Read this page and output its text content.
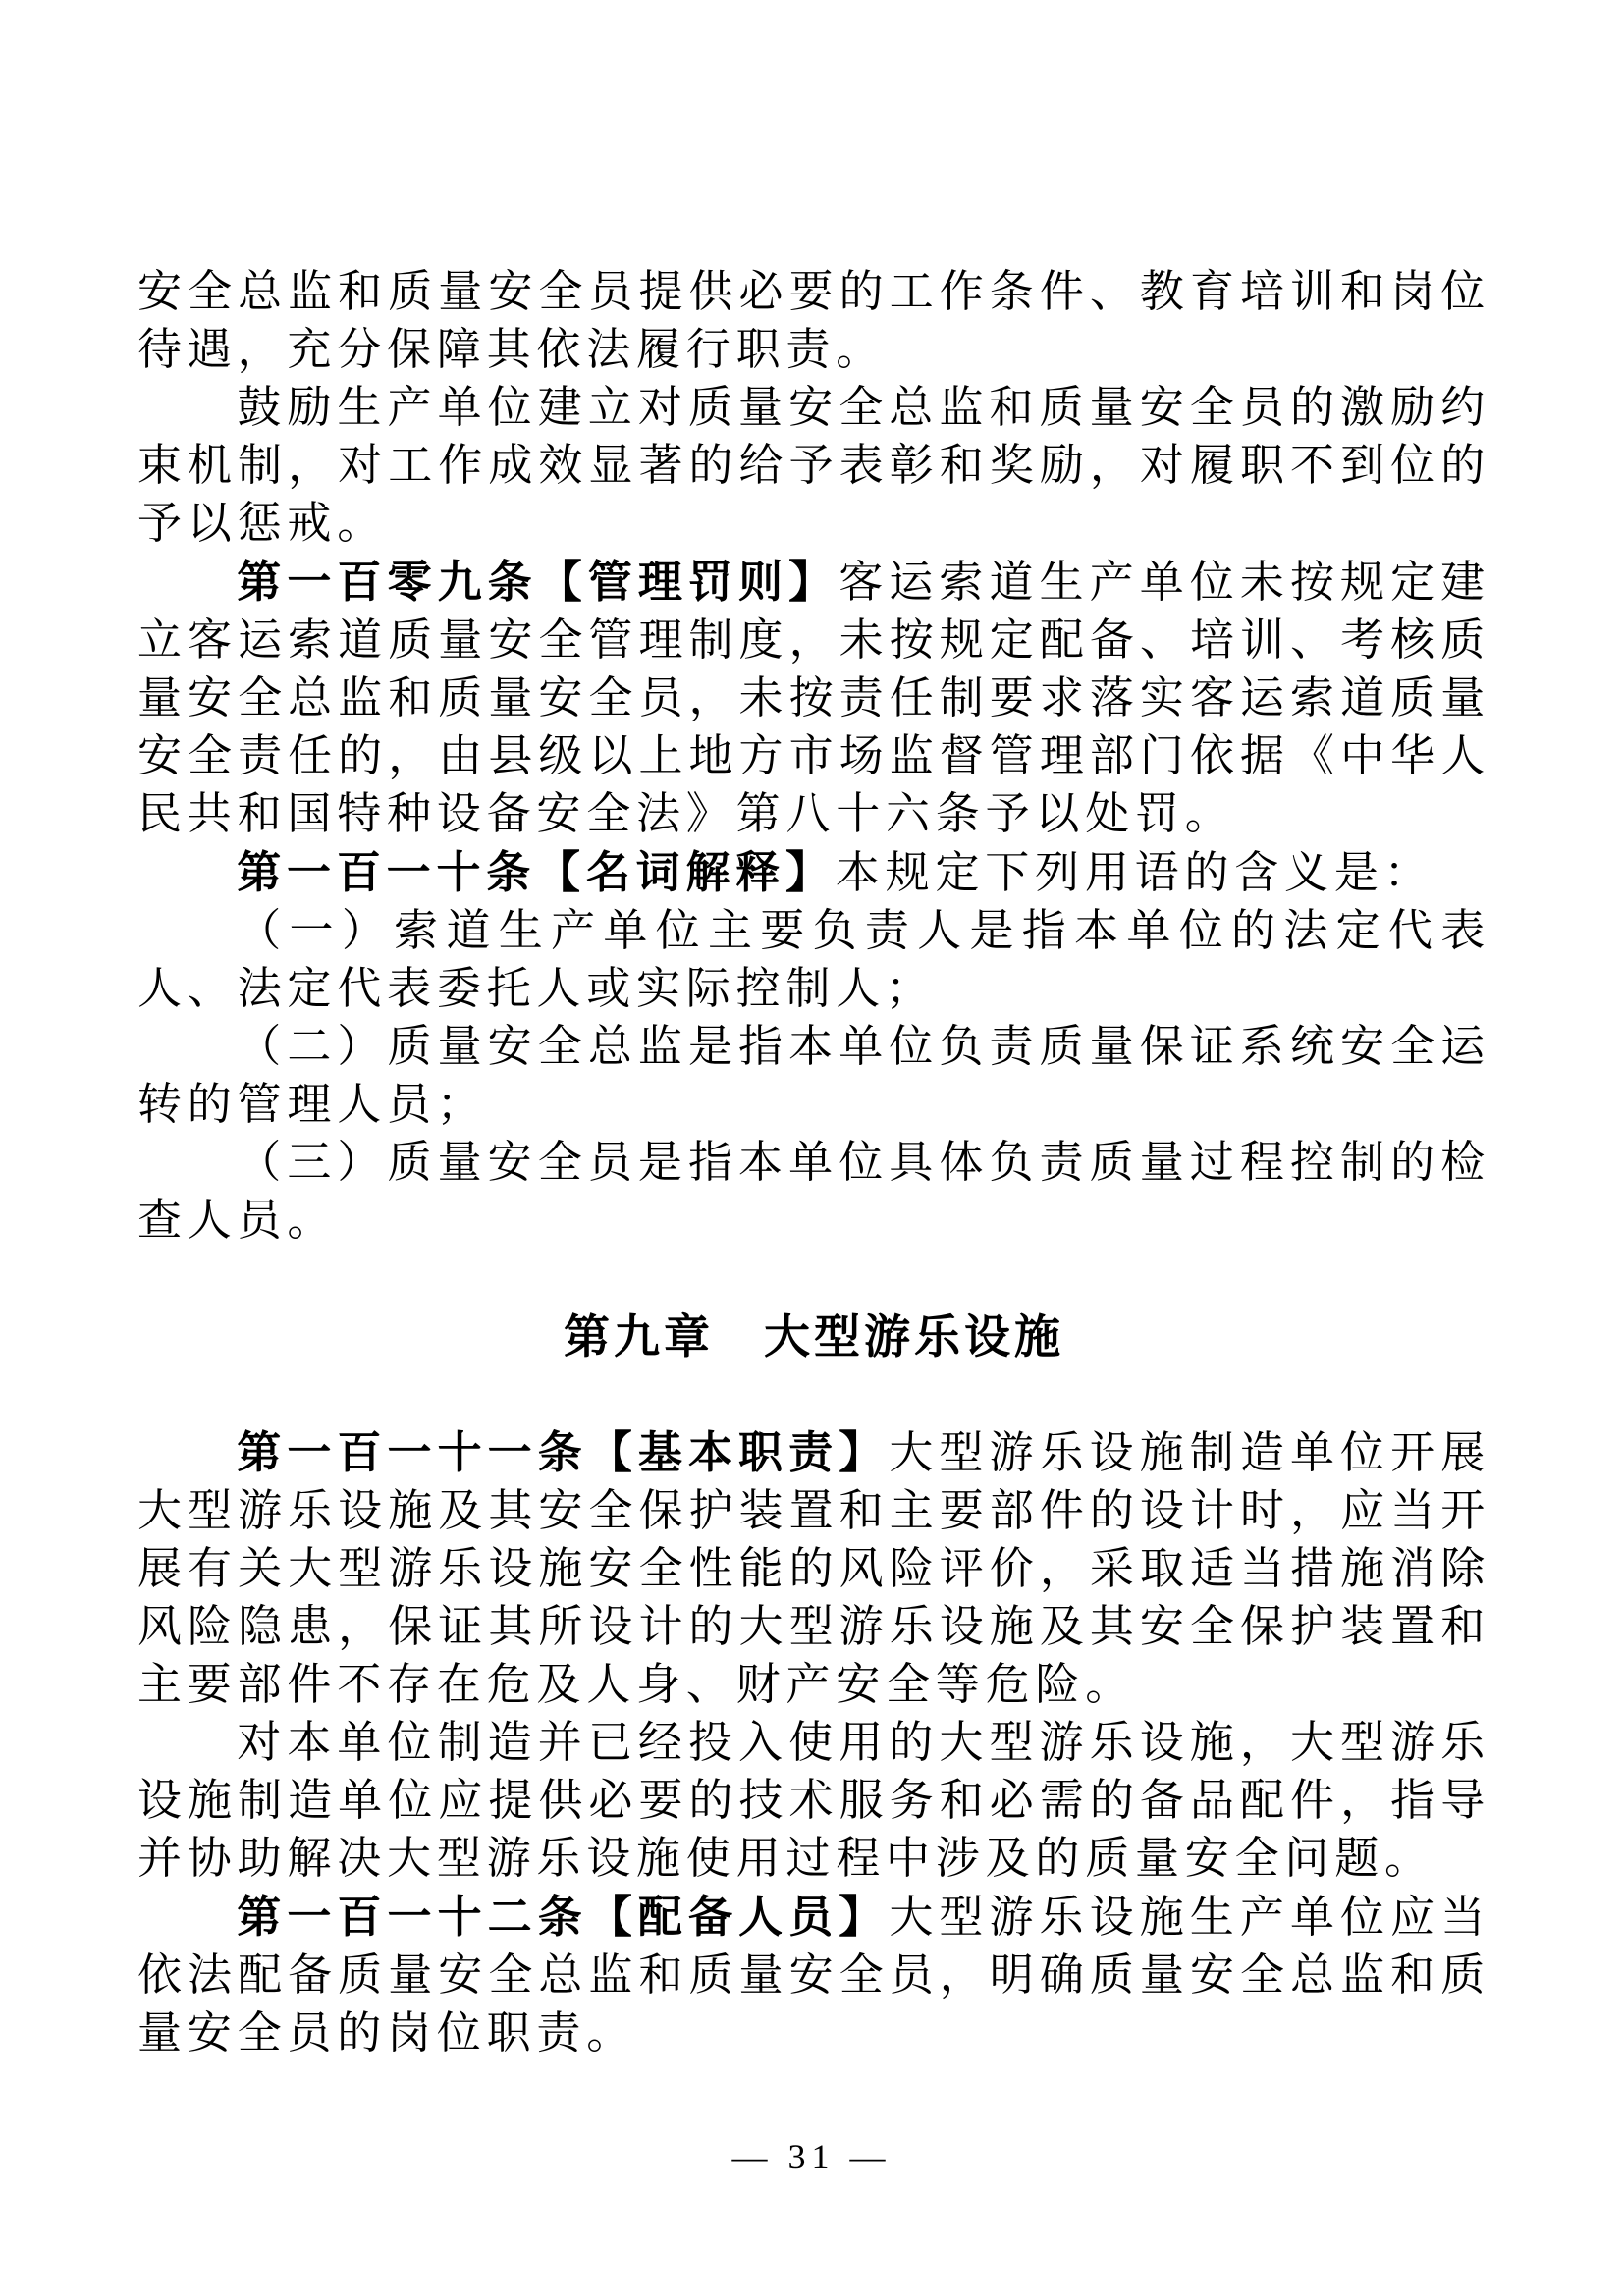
安全总监和质量安全员提供必要的工作条件、教育培训和岗位待遇，充分保障其依法履行职责。

鼓励生产单位建立对质量安全总监和质量安全员的激励约束机制，对工作成效显著的给予表彰和奖励，对履职不到位的予以惩戒。

第一百零九条【管理罚则】客运索道生产单位未按规定建立客运索道质量安全管理制度，未按规定配备、培训、考核质量安全总监和质量安全员，未按责任制要求落实客运索道质量安全责任的，由县级以上地方市场监督管理部门依据《中华人民共和国特种设备安全法》第八十六条予以处罚。

第一百一十条【名词解释】本规定下列用语的含义是：

（一）索道生产单位主要负责人是指本单位的法定代表人、法定代表委托人或实际控制人；

（二）质量安全总监是指本单位负责质量保证系统安全运转的管理人员；

（三）质量安全员是指本单位具体负责质量过程控制的检查人员。

第九章　大型游乐设施

第一百一十一条【基本职责】大型游乐设施制造单位开展大型游乐设施及其安全保护装置和主要部件的设计时，应当开展有关大型游乐设施安全性能的风险评价，采取适当措施消除风险隐患，保证其所设计的大型游乐设施及其安全保护装置和主要部件不存在危及人身、财产安全等危险。

对本单位制造并已经投入使用的大型游乐设施，大型游乐设施制造单位应提供必要的技术服务和必需的备品配件，指导并协助解决大型游乐设施使用过程中涉及的质量安全问题。

第一百一十二条【配备人员】大型游乐设施生产单位应当依法配备质量安全总监和质量安全员，明确质量安全总监和质量安全员的岗位职责。

— 31 —
